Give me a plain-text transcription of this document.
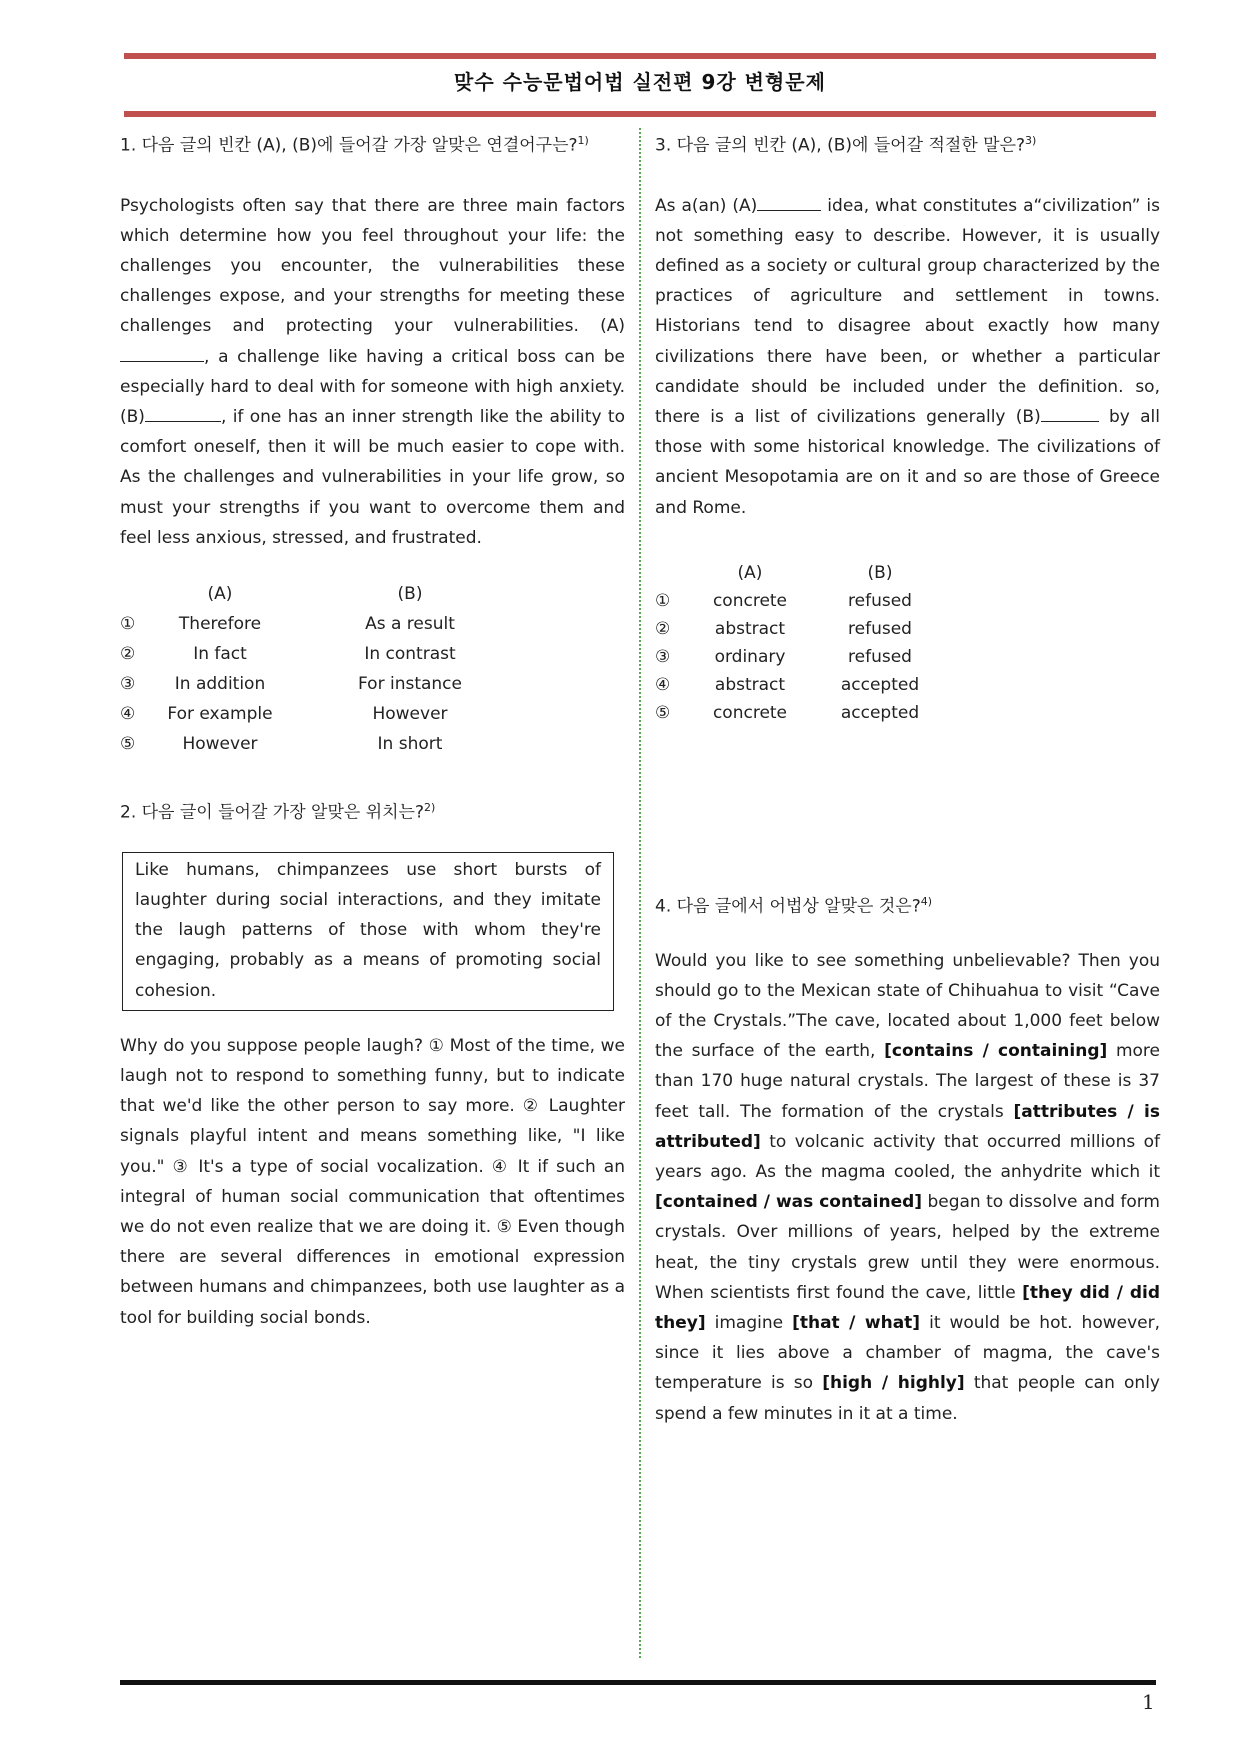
맞수 수능문법어법 실전편 9강 변형문제
1. 다음 글의 빈칸 (A), (B)에 들어갈 가장 알맞은 연결어구는?$^{1)}$
Psychologists often say that there are three main factors which determine how you feel throughout your life: the challenges you encounter, the vulnerabilities these challenges expose, and your strengths for meeting these challenges and protecting your vulnerabilities. (A) , a challenge like having a critical boss can be especially hard to deal with for someone with high anxiety. (B)	, if one has an inner strength like the ability to comfort oneself, then it will be much easier to cope with. As the challenges and vulnerabilities in your life grow, so must your strengths if you want to overcome them and feel less anxious, stressed, and frustrated.
	(A)	(B)
①	Therefore	As a result
②	In fact	In contrast
③	In addition	For instance
④	For example	However
⑤	However	In short
2. 다음 글이 들어갈 가장 알맞은 위치는?$^{2)}$
Like humans, chimpanzees use short bursts of laughter during social interactions, and they imitate the laugh patterns of those with whom they're engaging, probably as a means of promoting social cohesion.
Why do you suppose people laugh? ① Most of the time, we laugh not to respond to something funny, but to indicate that we'd like the other person to say more. ② Laughter signals playful intent and means something like, "I like you." ③ It's a type of social vocalization. ④ It if such an integral of human social communication that oftentimes we do not even realize that we are doing it. ⑤ Even though there are several differences in emotional expression between humans and chimpanzees, both use laughter as a tool for building social bonds.
3. 다음 글의 빈칸 (A), (B)에 들어갈 적절한 말은?$^{3)}$
As a(an) (A)	idea, what constitutes a“civilization” is not something easy to describe. However, it is usually defined as a society or cultural group characterized by the practices of agriculture and settlement in towns. Historians tend to disagree about exactly how many civilizations there have been, or whether a particular candidate should be included under the definition. so, there is a list of civilizations generally (B)	by all those with some historical knowledge. The civilizations of ancient Mesopotamia are on it and so are those of Greece and Rome.
	(A)	(B)
①	concrete	refused
②	abstract	refused
③	ordinary	refused
④	abstract	accepted
⑤	concrete	accepted
4. 다음 글에서 어법상 알맞은 것은?$^{4)}$
Would you like to see something unbelievable? Then you should go to the Mexican state of Chihuahua to visit “Cave of the Crystals.”The cave, located about 1,000 feet below the surface of the earth, [contains / containing] more than 170 huge natural crystals. The largest of these is 37 feet tall. The formation of the crystals [attributes / is attributed] to volcanic activity that occurred millions of years ago. As the magma cooled, the anhydrite which it [contained / was contained] began to dissolve and form crystals. Over millions of years, helped by the extreme heat, the tiny crystals grew until they were enormous. When scientists first found the cave, little [they did / did they] imagine [that / what] it would be hot. however, since it lies above a chamber of magma, the cave's temperature is so [high / highly] that people can only spend a few minutes in it at a time.
1
